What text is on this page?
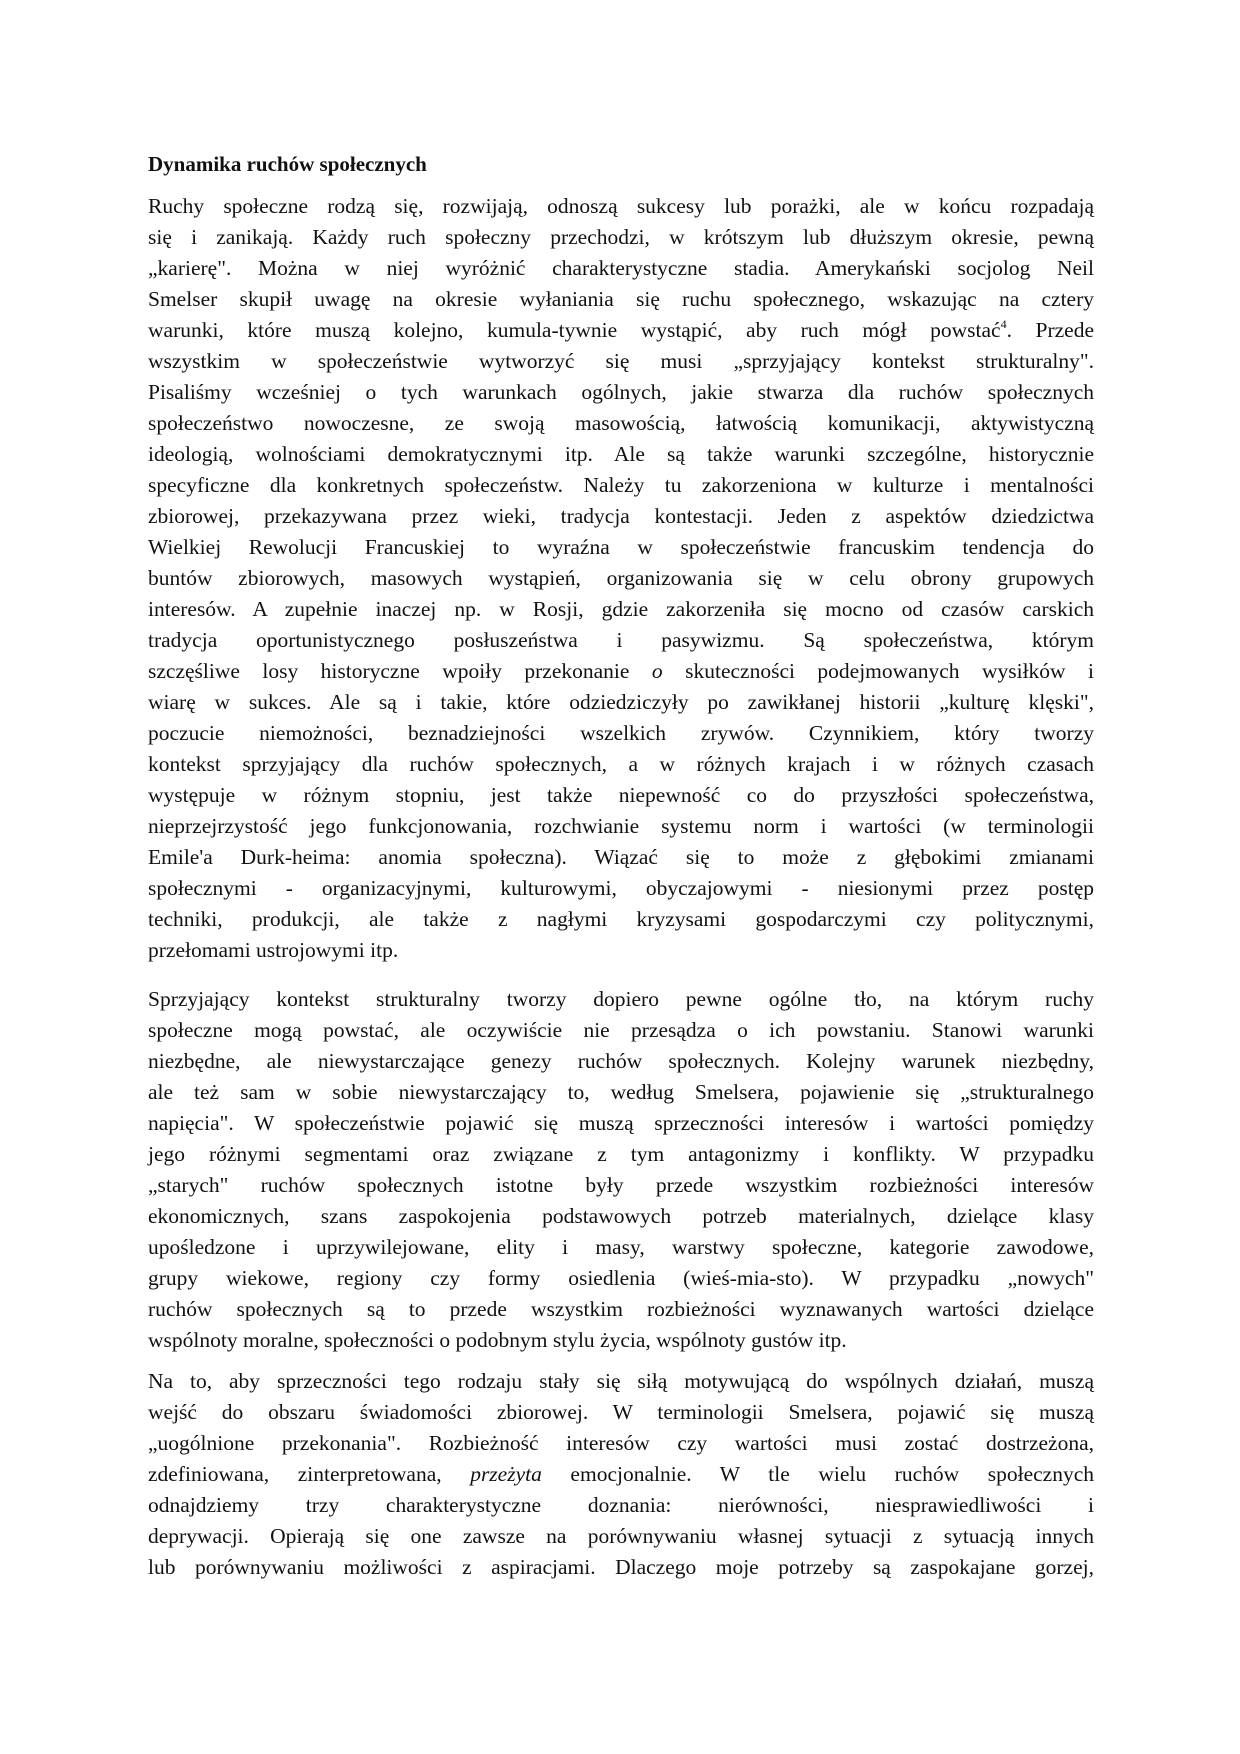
Dynamika ruchów społecznych
Ruchy społeczne rodzą się, rozwijają, odnoszą sukcesy lub porażki, ale w końcu rozpadają
się i zanikają. Każdy ruch społeczny przechodzi, w krótszym lub dłuższym okresie, pewną
„karierę". Można w niej wyróżnić charakterystyczne stadia. Amerykański socjolog Neil
Smelser skupił uwagę na okresie wyłaniania się ruchu społecznego, wskazując na cztery
warunki, które muszą kolejno, kumula-tywnie wystąpić, aby ruch mógł powstać$^4$. Przede
wszystkim w społeczeństwie wytworzyć się musi „sprzyjający kontekst strukturalny".
Pisaliśmy wcześniej o tych warunkach ogólnych, jakie stwarza dla ruchów społecznych
społeczeństwo nowoczesne, ze swoją masowością, łatwością komunikacji, aktywistyczną
ideologią, wolnościami demokratycznymi itp. Ale są także warunki szczególne, historycznie
specyficzne dla konkretnych społeczeństw. Należy tu zakorzeniona w kulturze i mentalności
zbiorowej, przekazywana przez wieki, tradycja kontestacji. Jeden z aspektów dziedzictwa
Wielkiej Rewolucji Francuskiej to wyraźna w społeczeństwie francuskim tendencja do
buntów zbiorowych, masowych wystąpień, organizowania się w celu obrony grupowych
interesów. A zupełnie inaczej np. w Rosji, gdzie zakorzeniła się mocno od czasów carskich
tradycja oportunistycznego posłuszeństwa i pasywizmu. Są społeczeństwa, którym
szczęśliwe losy historyczne wpoiły przekonanie o skuteczności podejmowanych wysiłków i
wiarę w sukces. Ale są i takie, które odziedziczyły po zawikłanej historii „kulturę klęski",
poczucie niemożności, beznadziejności wszelkich zrywów. Czynnikiem, który tworzy
kontekst sprzyjający dla ruchów społecznych, a w różnych krajach i w różnych czasach
występuje w różnym stopniu, jest także niepewność co do przyszłości społeczeństwa,
nieprzejrzystość jego funkcjonowania, rozchwianie systemu norm i wartości (w terminologii
Emile'a Durk-heima: anomia społeczna). Wiązać się to może z głębokimi zmianami
społecznymi - organizacyjnymi, kulturowymi, obyczajowymi - niesionymi przez postęp
techniki, produkcji, ale także z nagłymi kryzysami gospodarczymi czy politycznymi,
przełomami ustrojowymi itp.
Sprzyjający kontekst strukturalny tworzy dopiero pewne ogólne tło, na którym ruchy
społeczne mogą powstać, ale oczywiście nie przesądza o ich powstaniu. Stanowi warunki
niezbędne, ale niewystarczające genezy ruchów społecznych. Kolejny warunek niezbędny,
ale też sam w sobie niewystarczający to, według Smelsera, pojawienie się „strukturalnego
napięcia". W społeczeństwie pojawić się muszą sprzeczności interesów i wartości pomiędzy
jego różnymi segmentami oraz związane z tym antagonizmy i konflikty. W przypadku
„starych" ruchów społecznych istotne były przede wszystkim rozbieżności interesów
ekonomicznych, szans zaspokojenia podstawowych potrzeb materialnych, dzielące klasy
upośledzone i uprzywilejowane, elity i masy, warstwy społeczne, kategorie zawodowe,
grupy wiekowe, regiony czy formy osiedlenia (wieś-mia-sto). W przypadku „nowych"
ruchów społecznych są to przede wszystkim rozbieżności wyznawanych wartości dzielące
wspólnoty moralne, społeczności o podobnym stylu życia, wspólnoty gustów itp.
Na to, aby sprzeczności tego rodzaju stały się siłą motywującą do wspólnych działań, muszą
wejść do obszaru świadomości zbiorowej. W terminologii Smelsera, pojawić się muszą
„uogólnione przekonania". Rozbieżność interesów czy wartości musi zostać dostrzeżona,
zdefiniowana, zinterpretowana, przeżyta emocjonalnie. W tle wielu ruchów społecznych
odnajdziemy trzy charakterystyczne doznania: nierówności, niesprawiedliwości i
deprywacji. Opierają się one zawsze na porównywaniu własnej sytuacji z sytuacją innych
lub porównywaniu możliwości z aspiracjami. Dlaczego moje potrzeby są zaspokajane gorzej,
